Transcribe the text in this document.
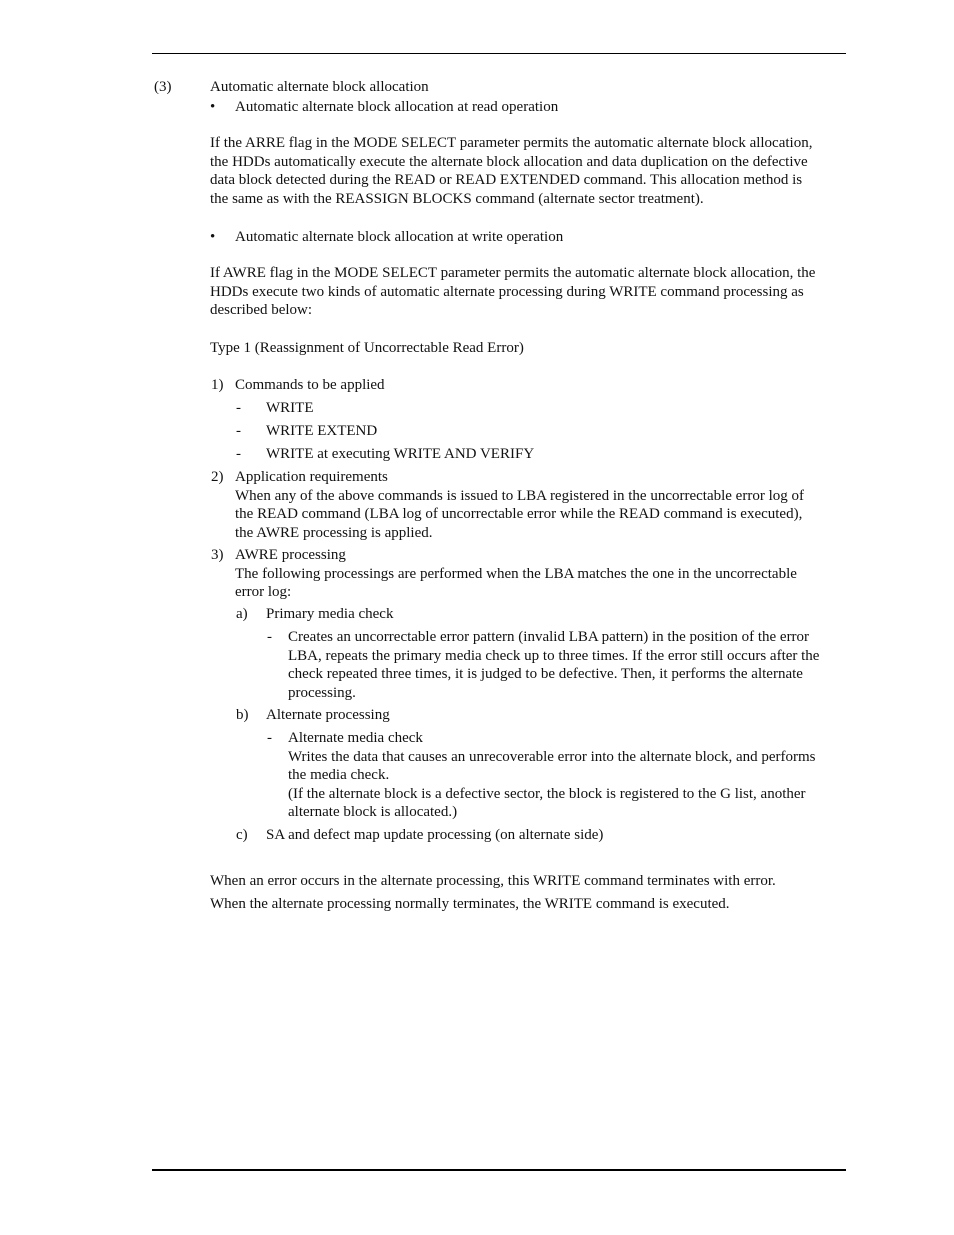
(3)	Automatic alternate block allocation
• Automatic alternate block allocation at read operation
If the ARRE flag in the MODE SELECT parameter permits the automatic alternate block allocation,
the HDDs automatically execute the alternate block allocation and data duplication on the defective
data block detected during the READ or READ EXTENDED command. This allocation method is
the same as with the REASSIGN BLOCKS command (alternate sector treatment).
• Automatic alternate block allocation at write operation
If AWRE flag in the MODE SELECT parameter permits the automatic alternate block allocation, the
HDDs execute two kinds of automatic alternate processing during WRITE command processing as
described below:
Type 1 (Reassignment of Uncorrectable Read Error)
1) Commands to be applied
- WRITE
- WRITE EXTEND
- WRITE at executing WRITE AND VERIFY
2) Application requirements
When any of the above commands is issued to LBA registered in the uncorrectable error log of
the READ command (LBA log of uncorrectable error while the READ command is executed),
the AWRE processing is applied.
3) AWRE processing
The following processings are performed when the LBA matches the one in the uncorrectable
error log:
a) Primary media check
- Creates an uncorrectable error pattern (invalid LBA pattern) in the position of the error
LBA, repeats the primary media check up to three times. If the error still occurs after the
check repeated three times, it is judged to be defective. Then, it performs the alternate
processing.
b) Alternate processing
- Alternate media check
Writes the data that causes an unrecoverable error into the alternate block, and performs
the media check.
(If the alternate block is a defective sector, the block is registered to the G list, another
alternate block is allocated.)
c) SA and defect map update processing (on alternate side)
When an error occurs in the alternate processing, this WRITE command terminates with error.
When the alternate processing normally terminates, the WRITE command is executed.
